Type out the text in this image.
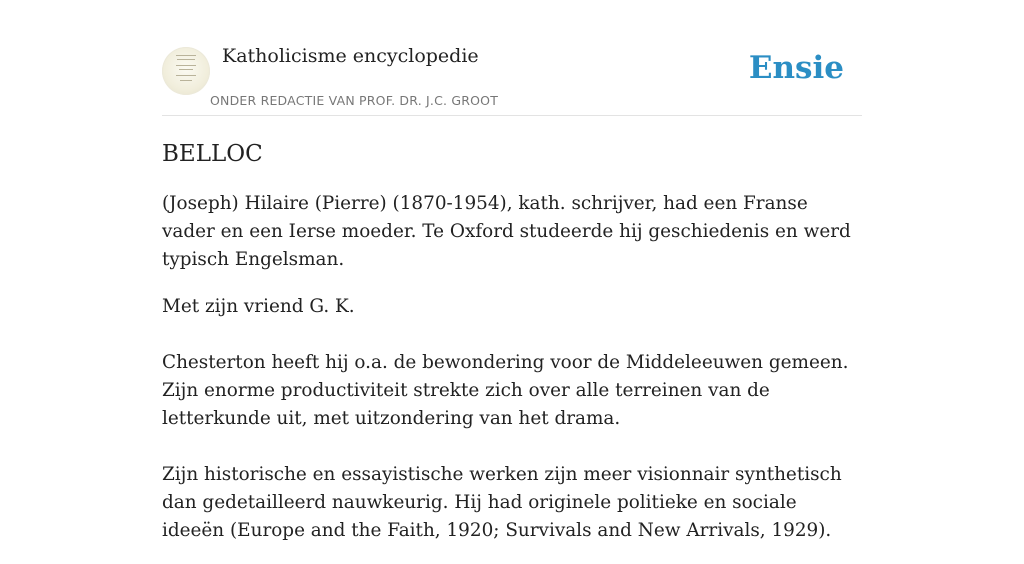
Katholicisme encyclopedie
ONDER REDACTIE VAN PROF. DR. J.C. GROOT
Ensie
BELLOC

(Joseph) Hilaire (Pierre) (1870-1954), kath. schrijver, had een Franse vader en een Ierse moeder. Te Oxford studeerde hij geschiedenis en werd typisch Engelsman.

Met zijn vriend G. K.

Chesterton heeft hij o.a. de bewondering voor de Middeleeuwen gemeen. Zijn enorme productiviteit strekte zich over alle terreinen van de letterkunde uit, met uitzondering van het drama.

Zijn historische en essayistische werken zijn meer visionnair synthetisch dan gedetailleerd nauwkeurig. Hij had originele politieke en sociale ideeën (Europe and the Faith, 1920; Survivals and New Arrivals, 1929).
